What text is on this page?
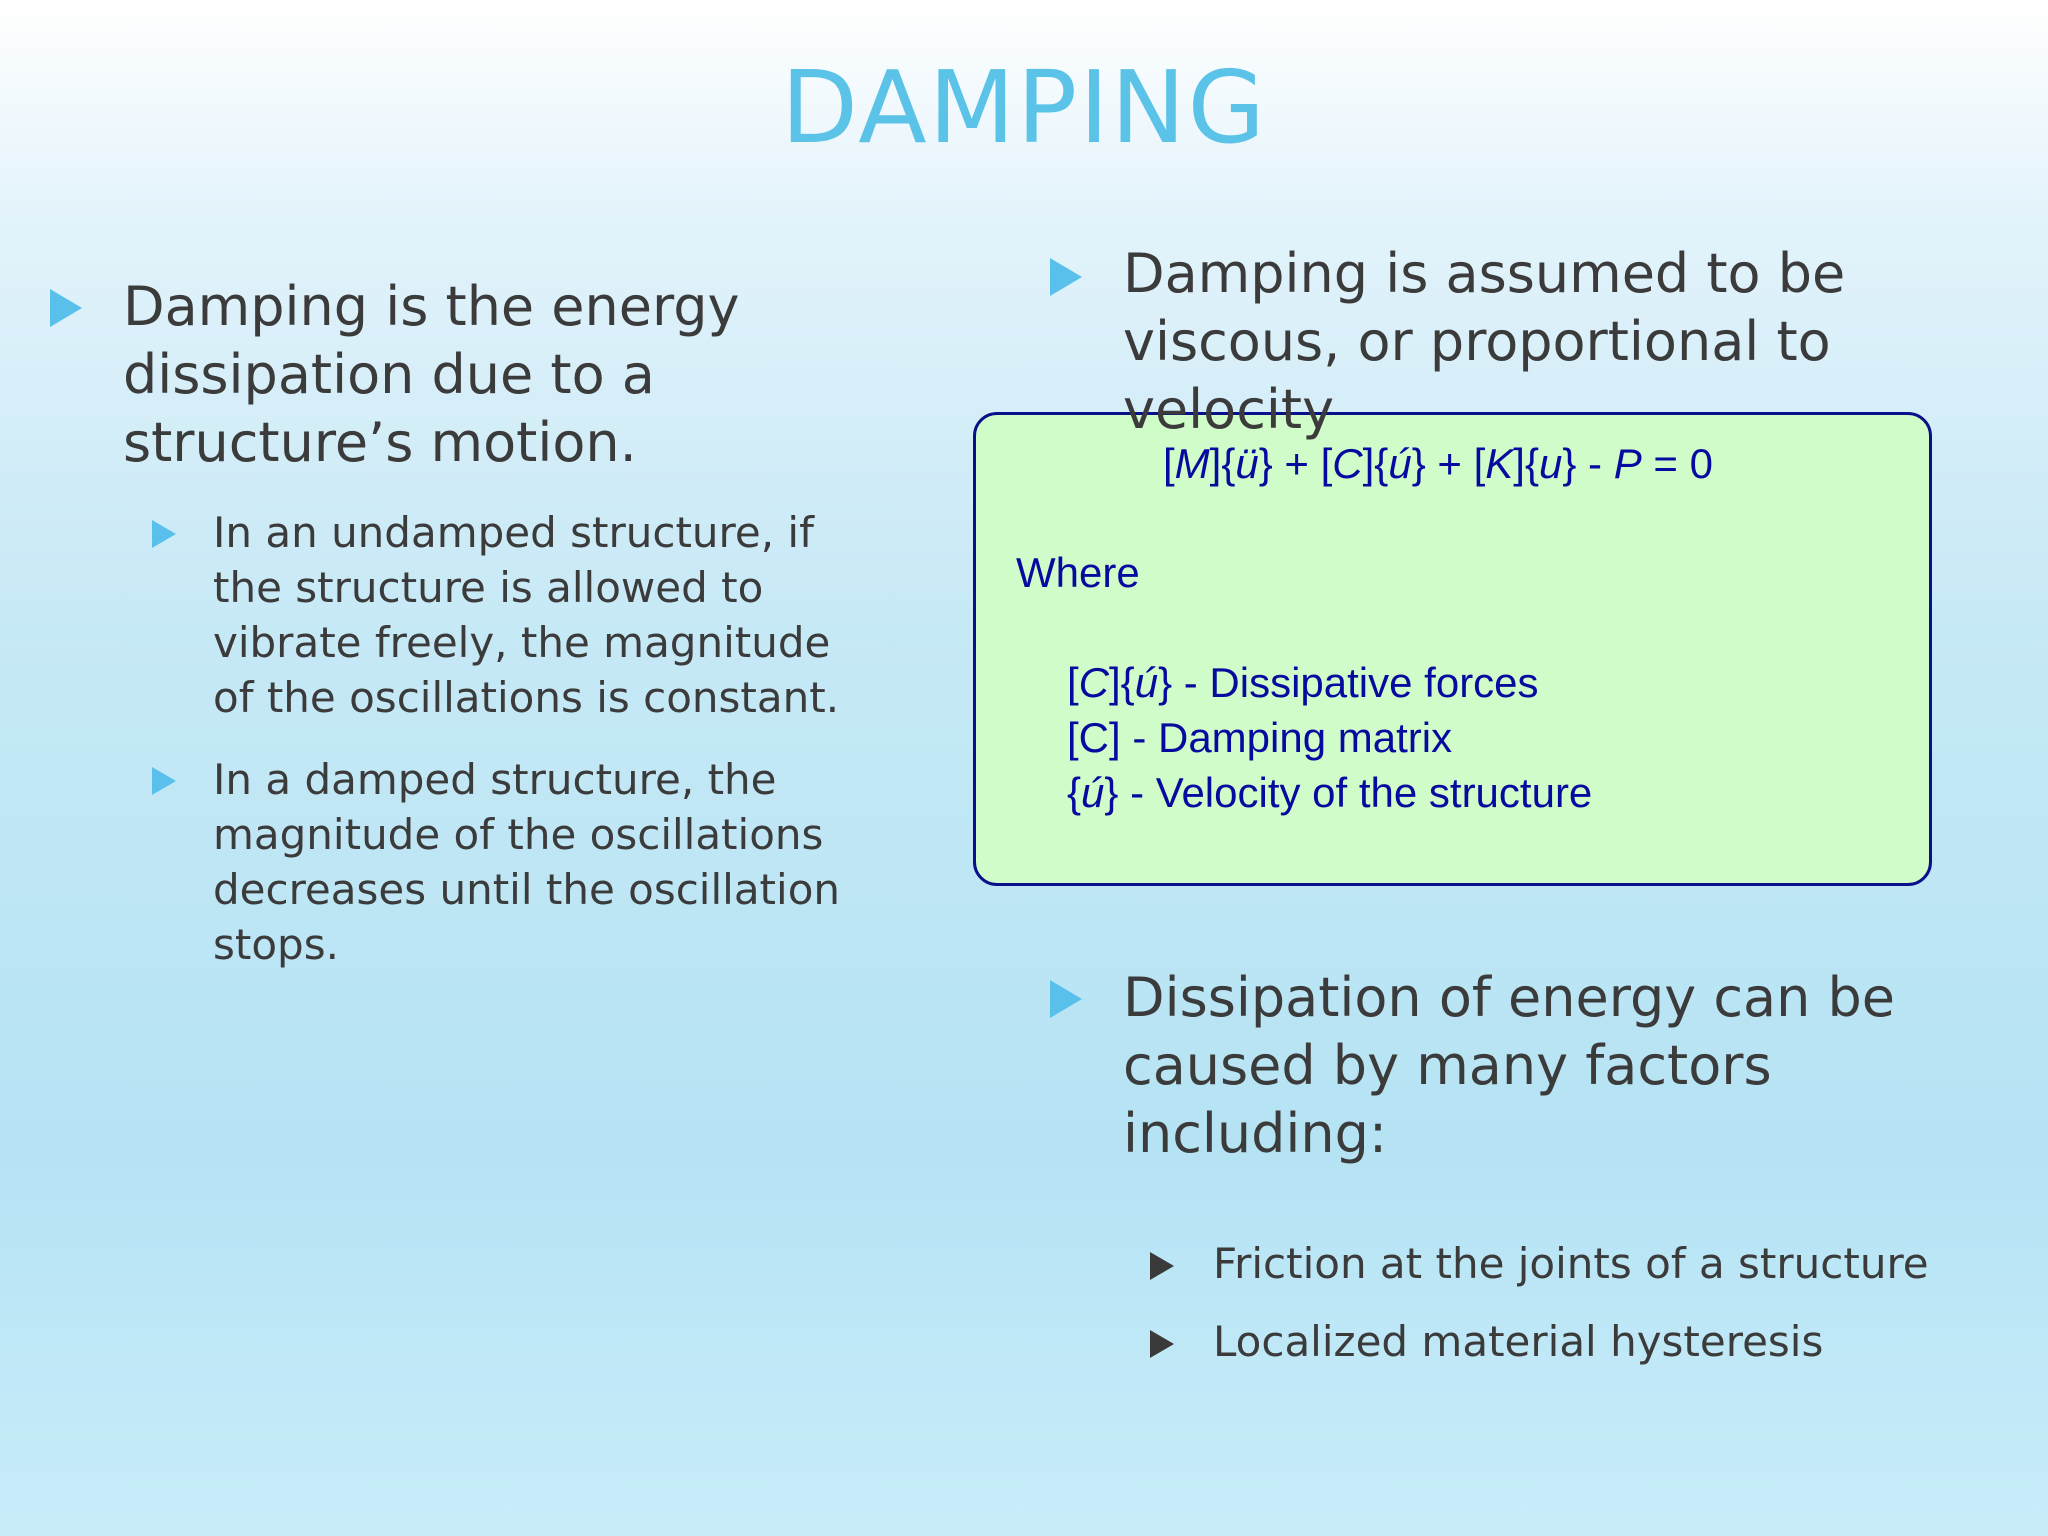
DAMPING
Damping is the energy
dissipation due to a
structure’s motion.
In an undamped structure, if
the structure is allowed to
vibrate freely, the magnitude
of the oscillations is constant.
In a damped structure, the
magnitude of the oscillations
decreases until the oscillation
stops.
[M]{ü} + [C]{ú} + [K]{u} - P = 0
Where
[C]{ú} - Dissipative forces
[C] - Damping matrix
{ú} - Velocity of the structure
Damping is assumed to be
viscous, or proportional to
velocity
Dissipation of energy can be
caused by many factors
including:
Friction at the joints of a structure
Localized material hysteresis
